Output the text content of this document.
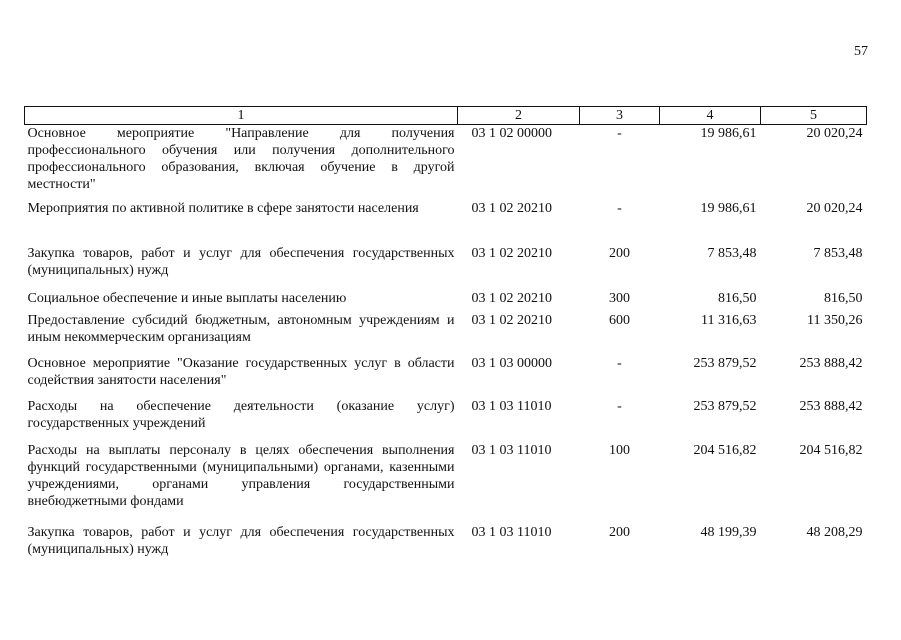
57
1	2	3	4	5
Основное мероприятие "Направление для получения профессионального обучения или получения дополнительного профессионального образования, включая обучение в другой местности"	03 1 02 00000	-	19 986,61	20 020,24
Мероприятия по активной политике в сфере занятости населения	03 1 02 20210	-	19 986,61	20 020,24
Закупка товаров, работ и услуг для обеспечения государственных (муниципальных) нужд	03 1 02 20210	200	7 853,48	7 853,48
Социальное обеспечение и иные выплаты населению	03 1 02 20210	300	816,50	816,50
Предоставление субсидий бюджетным, автономным учреждениям и иным некоммерческим организациям	03 1 02 20210	600	11 316,63	11 350,26
Основное мероприятие "Оказание государственных услуг в области содействия занятости населения"	03 1 03 00000	-	253 879,52	253 888,42
Расходы на обеспечение деятельности (оказание услуг) государственных учреждений	03 1 03 11010	-	253 879,52	253 888,42
Расходы на выплаты персоналу в целях обеспечения выполнения функций государственными (муниципальными) органами, казенными учреждениями, органами управления государственными внебюджетными фондами	03 1 03 11010	100	204 516,82	204 516,82
Закупка товаров, работ и услуг для обеспечения государственных (муниципальных) нужд	03 1 03 11010	200	48 199,39	48 208,29
